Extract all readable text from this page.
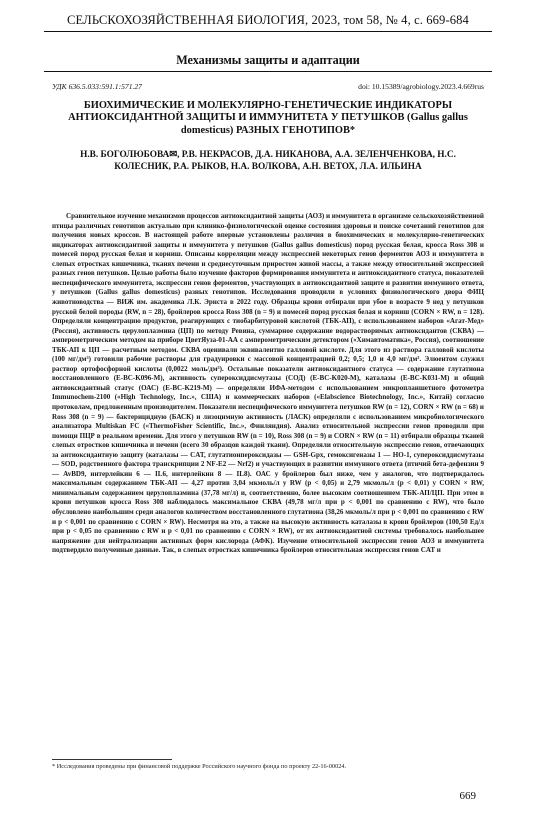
СЕЛЬСКОХОЗЯЙСТВЕННАЯ БИОЛОГИЯ, 2023, том 58, № 4, с. 669-684
Механизмы защиты и адаптации
УДК 636.5.033:591.1:571.27	doi: 10.15389/agrobiology.2023.4.669rus
БИОХИМИЧЕСКИЕ И МОЛЕКУЛЯРНО-ГЕНЕТИЧЕСКИЕ ИНДИКАТОРЫ АНТИОКСИДАНТНОЙ ЗАЩИТЫ И ИММУНИТЕТА У ПЕТУШКОВ (Gallus gallus domesticus) РАЗНЫХ ГЕНОТИПОВ*
Н.В. БОГОЛЮБОВА✉, Р.В. НЕКРАСОВ, Д.А. НИКАНОВА, А.А. ЗЕЛЕНЧЕНКОВА, Н.С. КОЛЕСНИК, Р.А. РЫКОВ, Н.А. ВОЛКОВА, А.Н. ВЕТОХ, Л.А. ИЛЬИНА

Сравнительное изучение механизмов процессов антиоксидантной защиты (АОЗ) и иммунитета в организме сельскохозяйственной птицы различных генотипов актуально при клинико-физиологической оценке состояния здоровья и поиске сочетаний генотипов для получения новых кроссов. В настоящей работе впервые установлены различия в биохимических и молекулярно-генетических индикаторах антиоксидантной защиты и иммунитета у петушков (Gallus gallus domesticus) пород русская белая, кросса Ross 308 и помесей пород русская белая и корниш. Описаны корреляции между экспрессией некоторых генов ферментов АОЗ и иммунитета в слепых отростках кишечника, тканях печени и среднесуточным приростом живой массы, а также между относительной экспрессией разных генов петушков. Целью работы было изучение факторов формирования иммунитета и антиоксидантного статуса, показателей неспецифического иммунитета, экспрессии генов ферментов, участвующих в антиоксидантной защите и развитии иммунного ответа, у петушков (Gallus gallus domesticus) разных генотипов. Исследования проводили в условиях физиологического двора ФИЦ животноводства — ВИЖ им. академика Л.К. Эрнста в 2022 году. Образцы крови отбирали при убое в возрасте 9 нед у петушков русской белой породы (RW, n = 28), бройлеров кросса Ross 308 (n = 9) и помесей пород русская белая и корниш (CORN × RW, n = 128). Определяли концентрацию продуктов, реагирующих с тиобарбитуровой кислотой (ТБК-АП), с использованием наборов «Агат-Мед» (Россия), активность церулоплазмина (ЦП) по методу Ревина, суммарное содержание водорастворимых антиоксидантов (СКВА) — амперометрическим методом на приборе ЦветЯуза-01-АА с амперометрическим детектором («Химавтоматика», Россия), соотношение ТБК-АП к ЦП — расчетным методом. СКВА оценивали эквивалентно галловой кислоте. Для этого из раствора галловой кислоты (100 мг/дм³) готовили рабочие растворы для градуировки с массовой концентрацией 0,2; 0,5; 1,0 и 4,0 мг/дм³. Элюентом служил раствор ортофосфорной кислоты (0,0022 моль/дм³). Остальные показатели антиоксидантного статуса — содержание глутатиона восстановленного (Е-BC-K096-M), активность супероксиддисмутазы (СОД) (Е-BC-K020-M), каталазы (Е-BC-K031-M) и общий антиоксидантный статус (ОАС) (Е-BC-K219-M) — определяли ИФА-методом с использованием микропланшетного фотометра Immunochem-2100 («High Technology, Inc.», США) и коммерческих наборов («Elabscience Biotechnology, Inc.», Китай) согласно протоколам, предложенным производителем. Показатели неспецифического иммунитета петушков RW (n = 12), CORN × RW (n = 68) и Ross 308 (n = 9) — бактерицидную (БАСК) и лизоцимную активность (ЛАСК) определяли с использованием микробиологического анализатора Multiskan FC («ThermoFisher Scientific, Inc.», Финляндия). Анализ относительной экспрессии генов проводили при помощи ПЦР в реальном времени. Для этого у петушков RW (n = 10), Ross 308 (n = 9) и CORN × RW (n = 11) отбирали образцы тканей слепых отростков кишечника и печени (всего 30 образцов каждой ткани). Определяли относительную экспрессию генов, отвечающих за антиоксидантную защиту (каталазы — CAT, глутатионпероксидазы — GSH-Gpx, гемоксигеназы 1 — HO-1, супероксиддисмутазы — SOD, родственного фактора транскрипции 2 NF-E2 — Nrf2) и участвующих в развитии иммунного ответа (птичий бета-дефензин 9 — AvBD9, интерлейкин 6 — IL6, интерлейкин 8 — IL8). ОАС у бройлеров был ниже, чем у аналогов, что подтверждалось максимальным содержанием ТБК-АП — 4,27 против 3,04 мкмоль/л у RW (p < 0,05) и 2,79 мкмоль/л (p < 0,01) у CORN × RW, минимальным содержанием церулоплазмина (37,78 мг/л) и, соответственно, более высоким соотношением ТБК-АП/ЦП. При этом в крови петушков кросса Ross 308 наблюдалось максимальное СКВА (49,78 мг/л при p < 0,001 по сравнению с RW), что было обусловлено наибольшим среди аналогов количеством восстановленного глутатиона (38,26 мкмоль/л при p < 0,001 по сравнению с RW и p < 0,001 по сравнению с CORN × RW). Несмотря на это, а также на высокую активность каталазы в крови бройлеров (100,50 Ед/л при p < 0,05 по сравнению с RW и p < 0,01 по сравнению с CORN × RW), от их антиоксидантной системы требовалось наибольшее напряжение для нейтрализации активных форм кислорода (АФК). Изучение относительной экспрессии генов АОЗ и иммунитета подтвердило полученные данные. Так, в слепых отростках кишечника бройлеров относительная экспрессия генов CAT и

* Исследования проведены при финансовой поддержке Российского научного фонда по проекту 22-16-00024.
669
